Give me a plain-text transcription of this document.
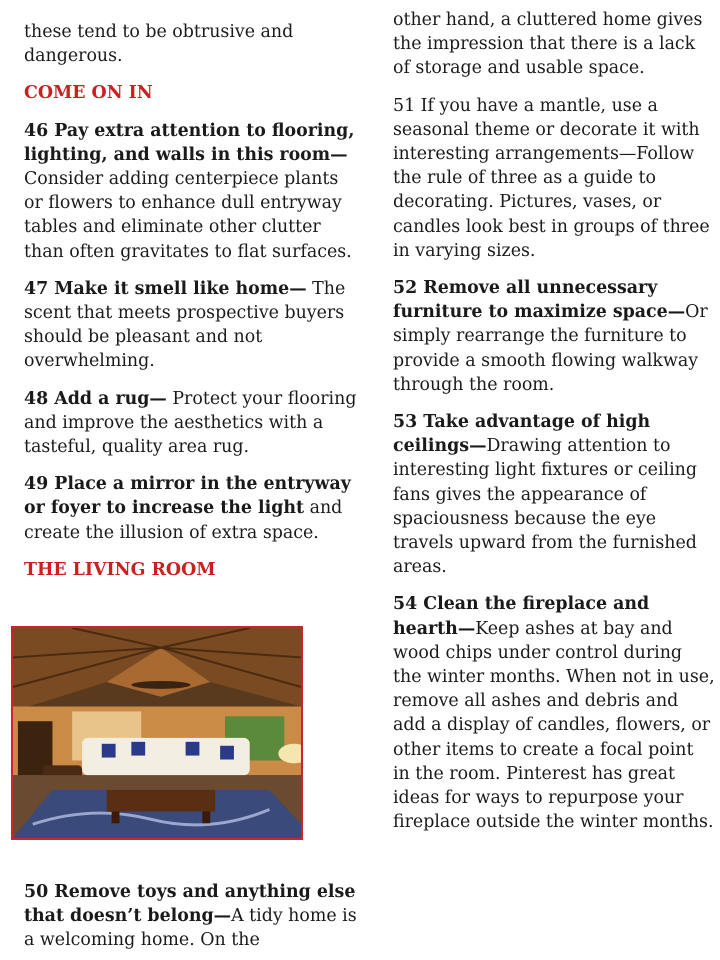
these tend to be obtrusive and dangerous.

COME ON IN

46 Pay extra attention to flooring, lighting, and walls in this room—Consider adding centerpiece plants or flowers to enhance dull entryway tables and eliminate other clutter than often gravitates to flat surfaces.

47 Make it smell like home— The scent that meets prospective buyers should be pleasant and not overwhelming.

48 Add a rug— Protect your flooring and improve the aesthetics with a tasteful, quality area rug.

49 Place a mirror in the entryway or foyer to increase the light and create the illusion of extra space.

THE LIVING ROOM

50 Remove toys and anything else that doesn’t belong—A tidy home is a welcoming home. On the

other hand, a cluttered home gives the impression that there is a lack of storage and usable space.

51 If you have a mantle, use a seasonal theme or decorate it with interesting arrangements—Follow the rule of three as a guide to decorating. Pictures, vases, or candles look best in groups of three in varying sizes.

52 Remove all unnecessary furniture to maximize space—Or simply rearrange the furniture to provide a smooth flowing walkway through the room.

53 Take advantage of high ceilings—Drawing attention to interesting light fixtures or ceiling fans gives the appearance of spaciousness because the eye travels upward from the furnished areas.

54 Clean the fireplace and hearth—Keep ashes at bay and wood chips under control during the winter months. When not in use, remove all ashes and debris and add a display of candles, flowers, or other items to create a focal point in the room. Pinterest has great ideas for ways to repurpose your fireplace outside the winter months.
